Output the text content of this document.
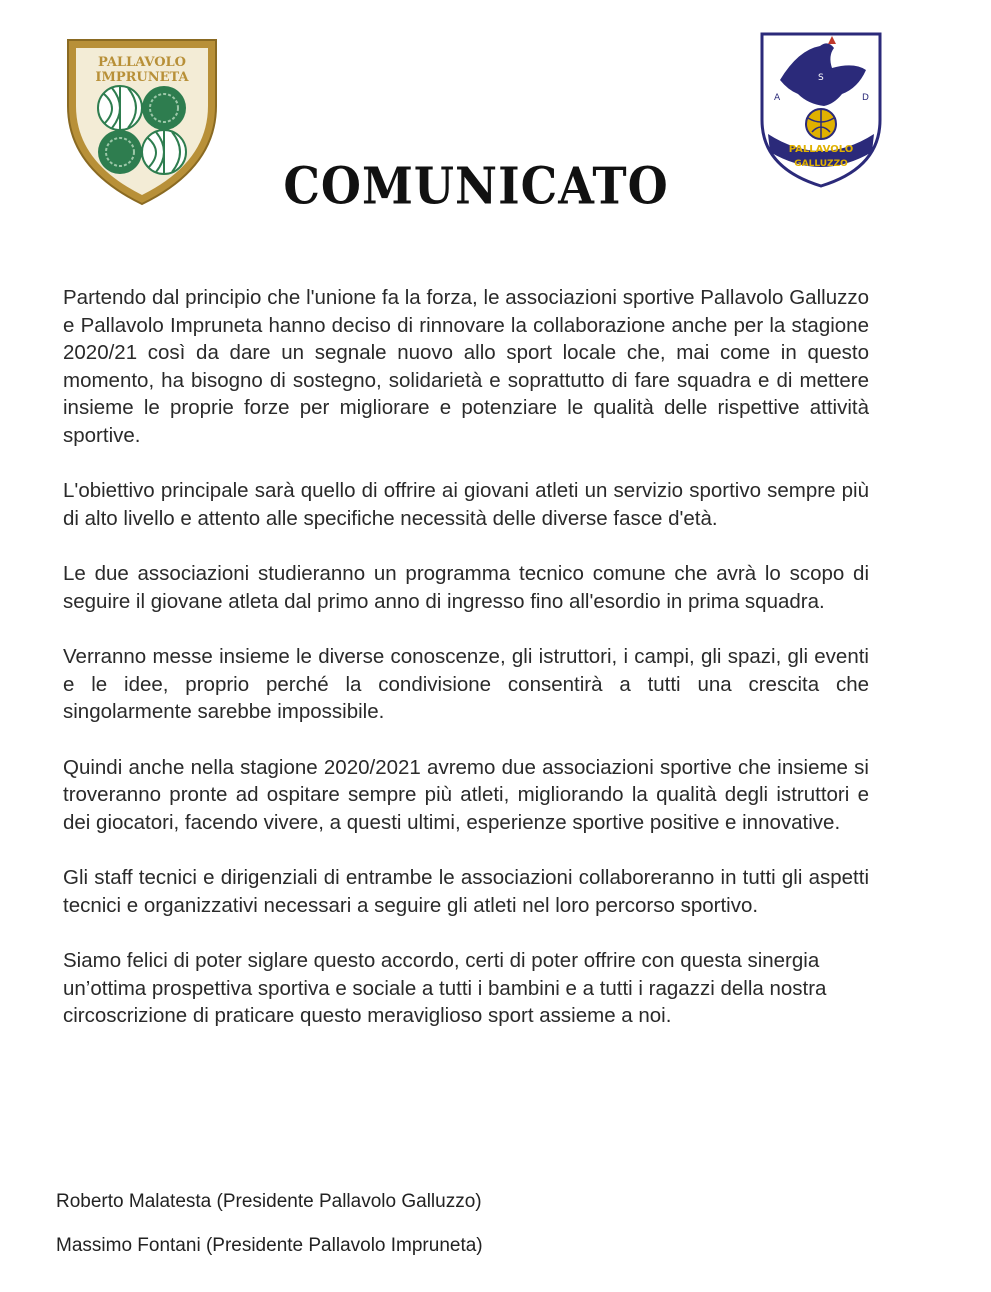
PALLAVOLO
IMPRUNETA
COMUNICATO
A
S
D
PALLAVOLO
GALLUZZO

Partendo dal principio che l'unione fa la forza, le associazioni sportive Pallavolo Galluzzo e Pallavolo Impruneta hanno deciso di rinnovare la collaborazione anche per la stagione 2020/21 così da dare un segnale nuovo allo sport locale che, mai come in questo momento, ha bisogno di sostegno, solidarietà e soprattutto di fare squadra e di mettere insieme le proprie forze per migliorare e potenziare le qualità delle rispettive attività sportive.

L'obiettivo principale sarà quello di offrire ai giovani atleti un servizio sportivo sempre più di alto livello e attento alle specifiche necessità delle diverse fasce d'età.

Le due associazioni studieranno un programma tecnico comune che avrà lo scopo di seguire il giovane atleta dal primo anno di ingresso fino all'esordio in prima squadra.

Verranno messe insieme le diverse conoscenze, gli istruttori, i campi, gli spazi, gli eventi e le idee, proprio perché la condivisione consentirà a tutti una crescita che singolarmente sarebbe impossibile.

Quindi anche nella stagione 2020/2021 avremo due associazioni sportive che insieme si troveranno pronte ad ospitare sempre più atleti, migliorando la qualità degli istruttori e dei giocatori, facendo vivere, a questi ultimi, esperienze sportive positive e innovative.

Gli staff tecnici e dirigenziali di entrambe le associazioni collaboreranno in tutti gli aspetti tecnici e organizzativi necessari a seguire gli atleti nel loro percorso sportivo.

Siamo felici di poter siglare questo accordo, certi di poter offrire con questa sinergia un’ottima prospettiva sportiva e sociale a tutti i bambini e a tutti i ragazzi della nostra circoscrizione di praticare questo meraviglioso sport assieme a noi.

Roberto Malatesta (Presidente Pallavolo Galluzzo)

Massimo Fontani (Presidente Pallavolo Impruneta)
